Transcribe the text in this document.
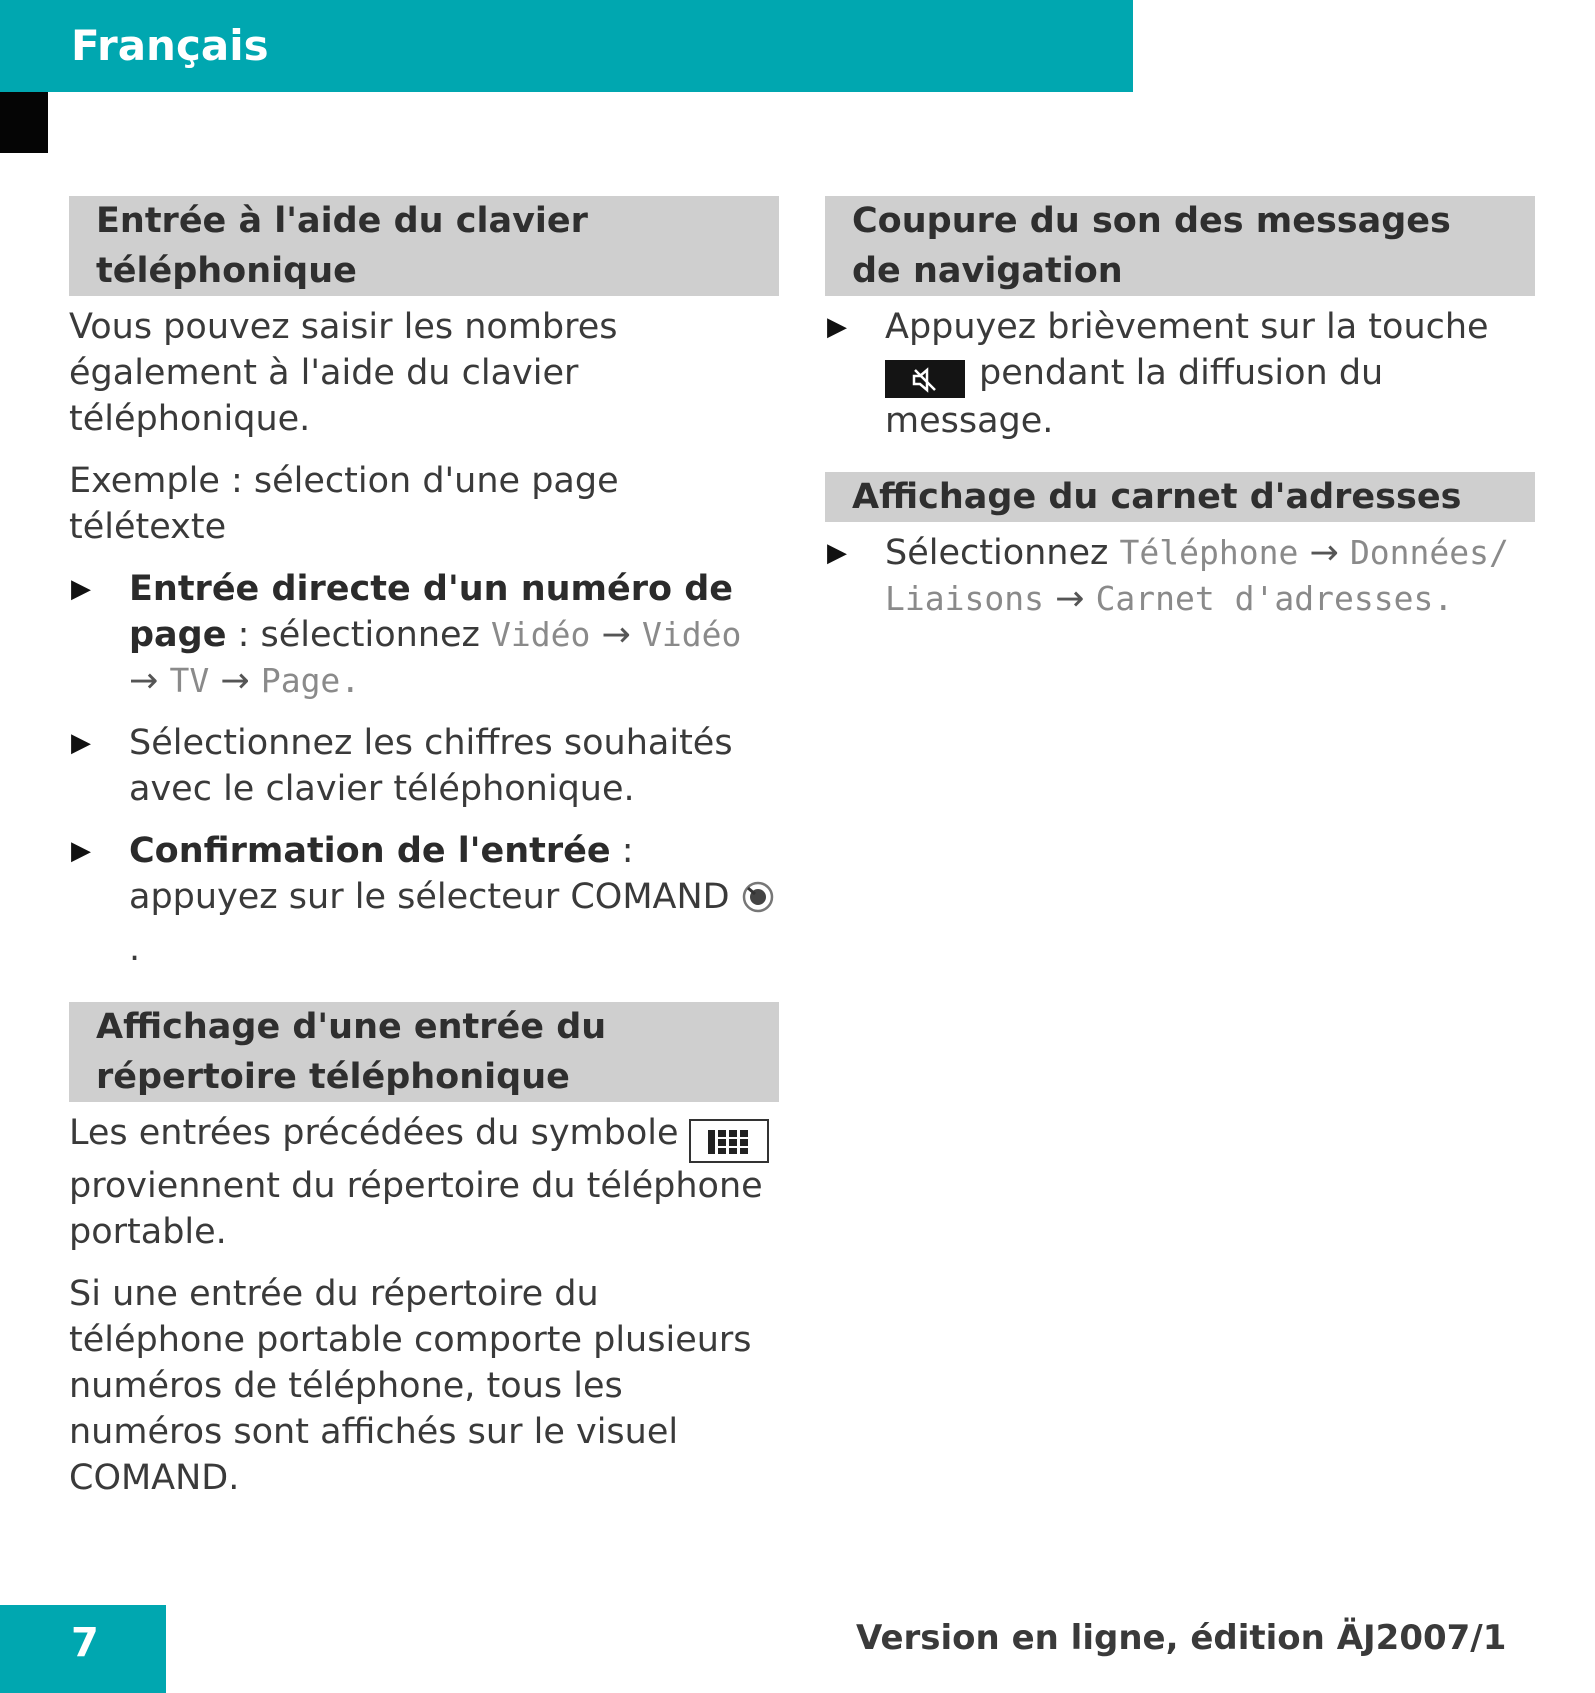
Français
Entrée à l'aide du clavier téléphonique

Vous pouvez saisir les nombres également à l'aide du clavier téléphonique.

Exemple : sélection d'une page télétexte

▶ Entrée directe d'un numéro de page : sélectionnez Vidéo → Vidéo → TV → Page.
▶ Sélectionnez les chiffres souhaités avec le clavier téléphonique.
▶ Confirmation de l'entrée : appuyez sur le sélecteur COMAND .
Affichage d'une entrée du répertoire téléphonique

Les entrées précédées du symbole proviennent du répertoire du téléphone portable.

Si une entrée du répertoire du téléphone portable comporte plusieurs numéros de téléphone, tous les numéros sont affichés sur le visuel COMAND.

Coupure du son des messages de navigation
▶ Appuyez brièvement sur la touche
pendant la diffusion du message.
Affichage du carnet d'adresses
▶ Sélectionnez Téléphone → Données/ Liaisons → Carnet d'adresses.
7	Version en ligne, édition ÄJ2007/1
